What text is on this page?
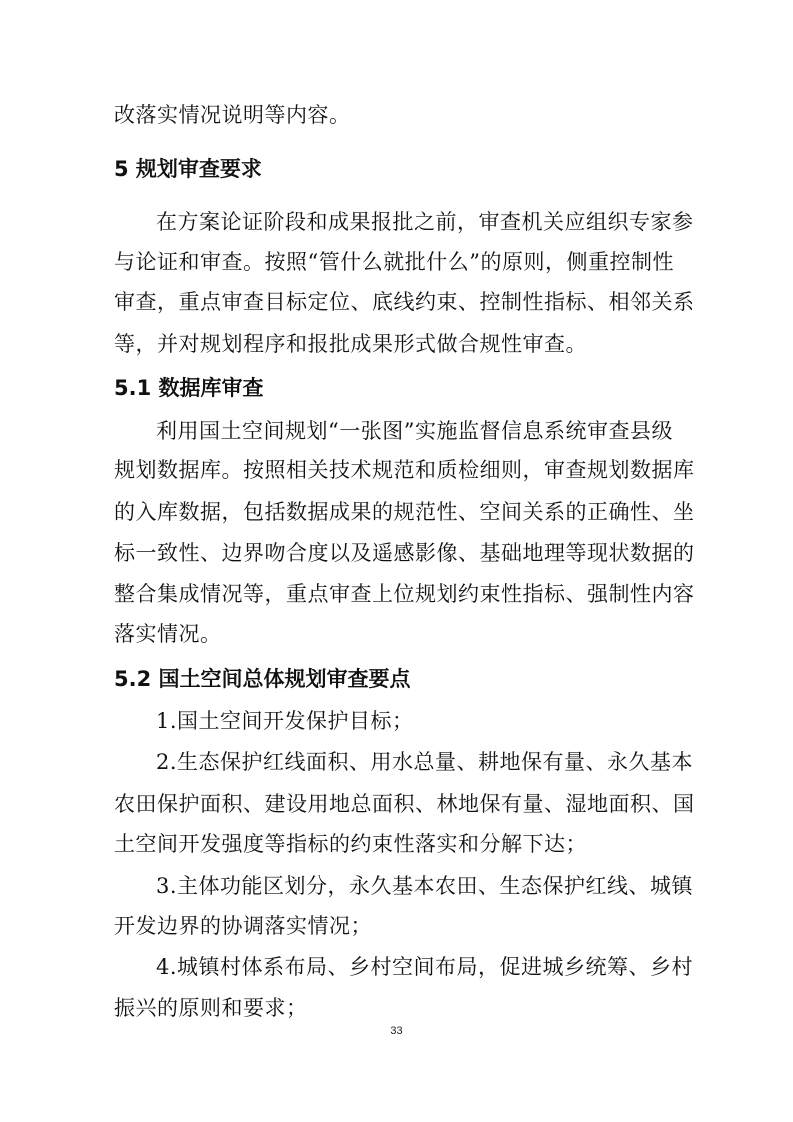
改落实情况说明等内容。
5 规划审查要求
在方案论证阶段和成果报批之前，审查机关应组织专家参
与论证和审查。按照“管什么就批什么”的原则，侧重控制性
审查，重点审查目标定位、底线约束、控制性指标、相邻关系
等，并对规划程序和报批成果形式做合规性审查。
5.1 数据库审查
利用国土空间规划“一张图”实施监督信息系统审查县级
规划数据库。按照相关技术规范和质检细则，审查规划数据库
的入库数据，包括数据成果的规范性、空间关系的正确性、坐
标一致性、边界吻合度以及遥感影像、基础地理等现状数据的
整合集成情况等，重点审查上位规划约束性指标、强制性内容
落实情况。
5.2 国土空间总体规划审查要点
1.国土空间开发保护目标；
2.生态保护红线面积、用水总量、耕地保有量、永久基本
农田保护面积、建设用地总面积、林地保有量、湿地面积、国
土空间开发强度等指标的约束性落实和分解下达；
3.主体功能区划分，永久基本农田、生态保护红线、城镇
开发边界的协调落实情况；
4.城镇村体系布局、乡村空间布局，促进城乡统筹、乡村
振兴的原则和要求；
33
